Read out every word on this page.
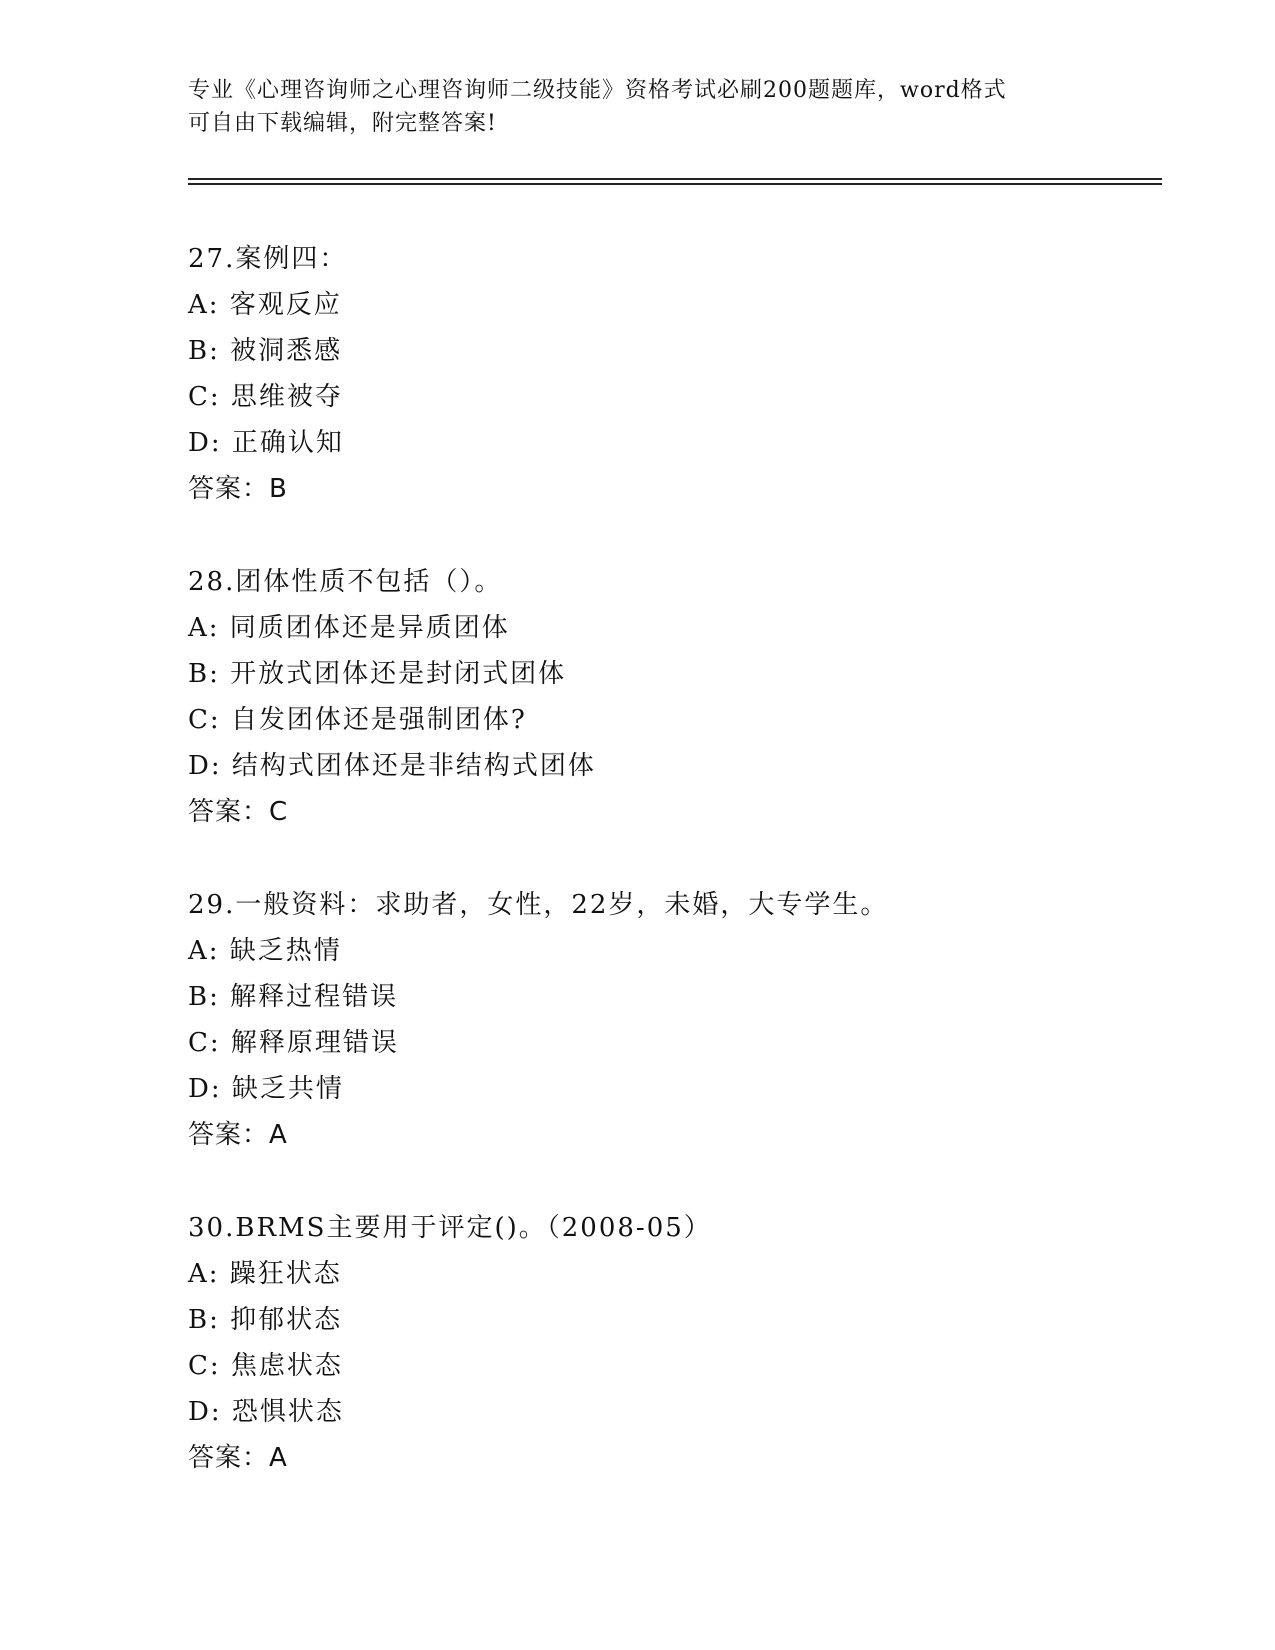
专业《心理咨询师之心理咨询师二级技能》资格考试必刷200题题库，word格式
可自由下载编辑，附完整答案!
27.案例四：
A: 客观反应
B: 被洞悉感
C: 思维被夺
D: 正确认知
答案：B
28.团体性质不包括（）。
A: 同质团体还是异质团体
B: 开放式团体还是封闭式团体
C: 自发团体还是强制团体?
D: 结构式团体还是非结构式团体
答案：C
29.一般资料：求助者，女性，22岁，未婚，大专学生。
A: 缺乏热情
B: 解释过程错误
C: 解释原理错误
D: 缺乏共情
答案：A
30.BRMS主要用于评定()。（2008-05）
A: 躁狂状态
B: 抑郁状态
C: 焦虑状态
D: 恐惧状态
答案：A
